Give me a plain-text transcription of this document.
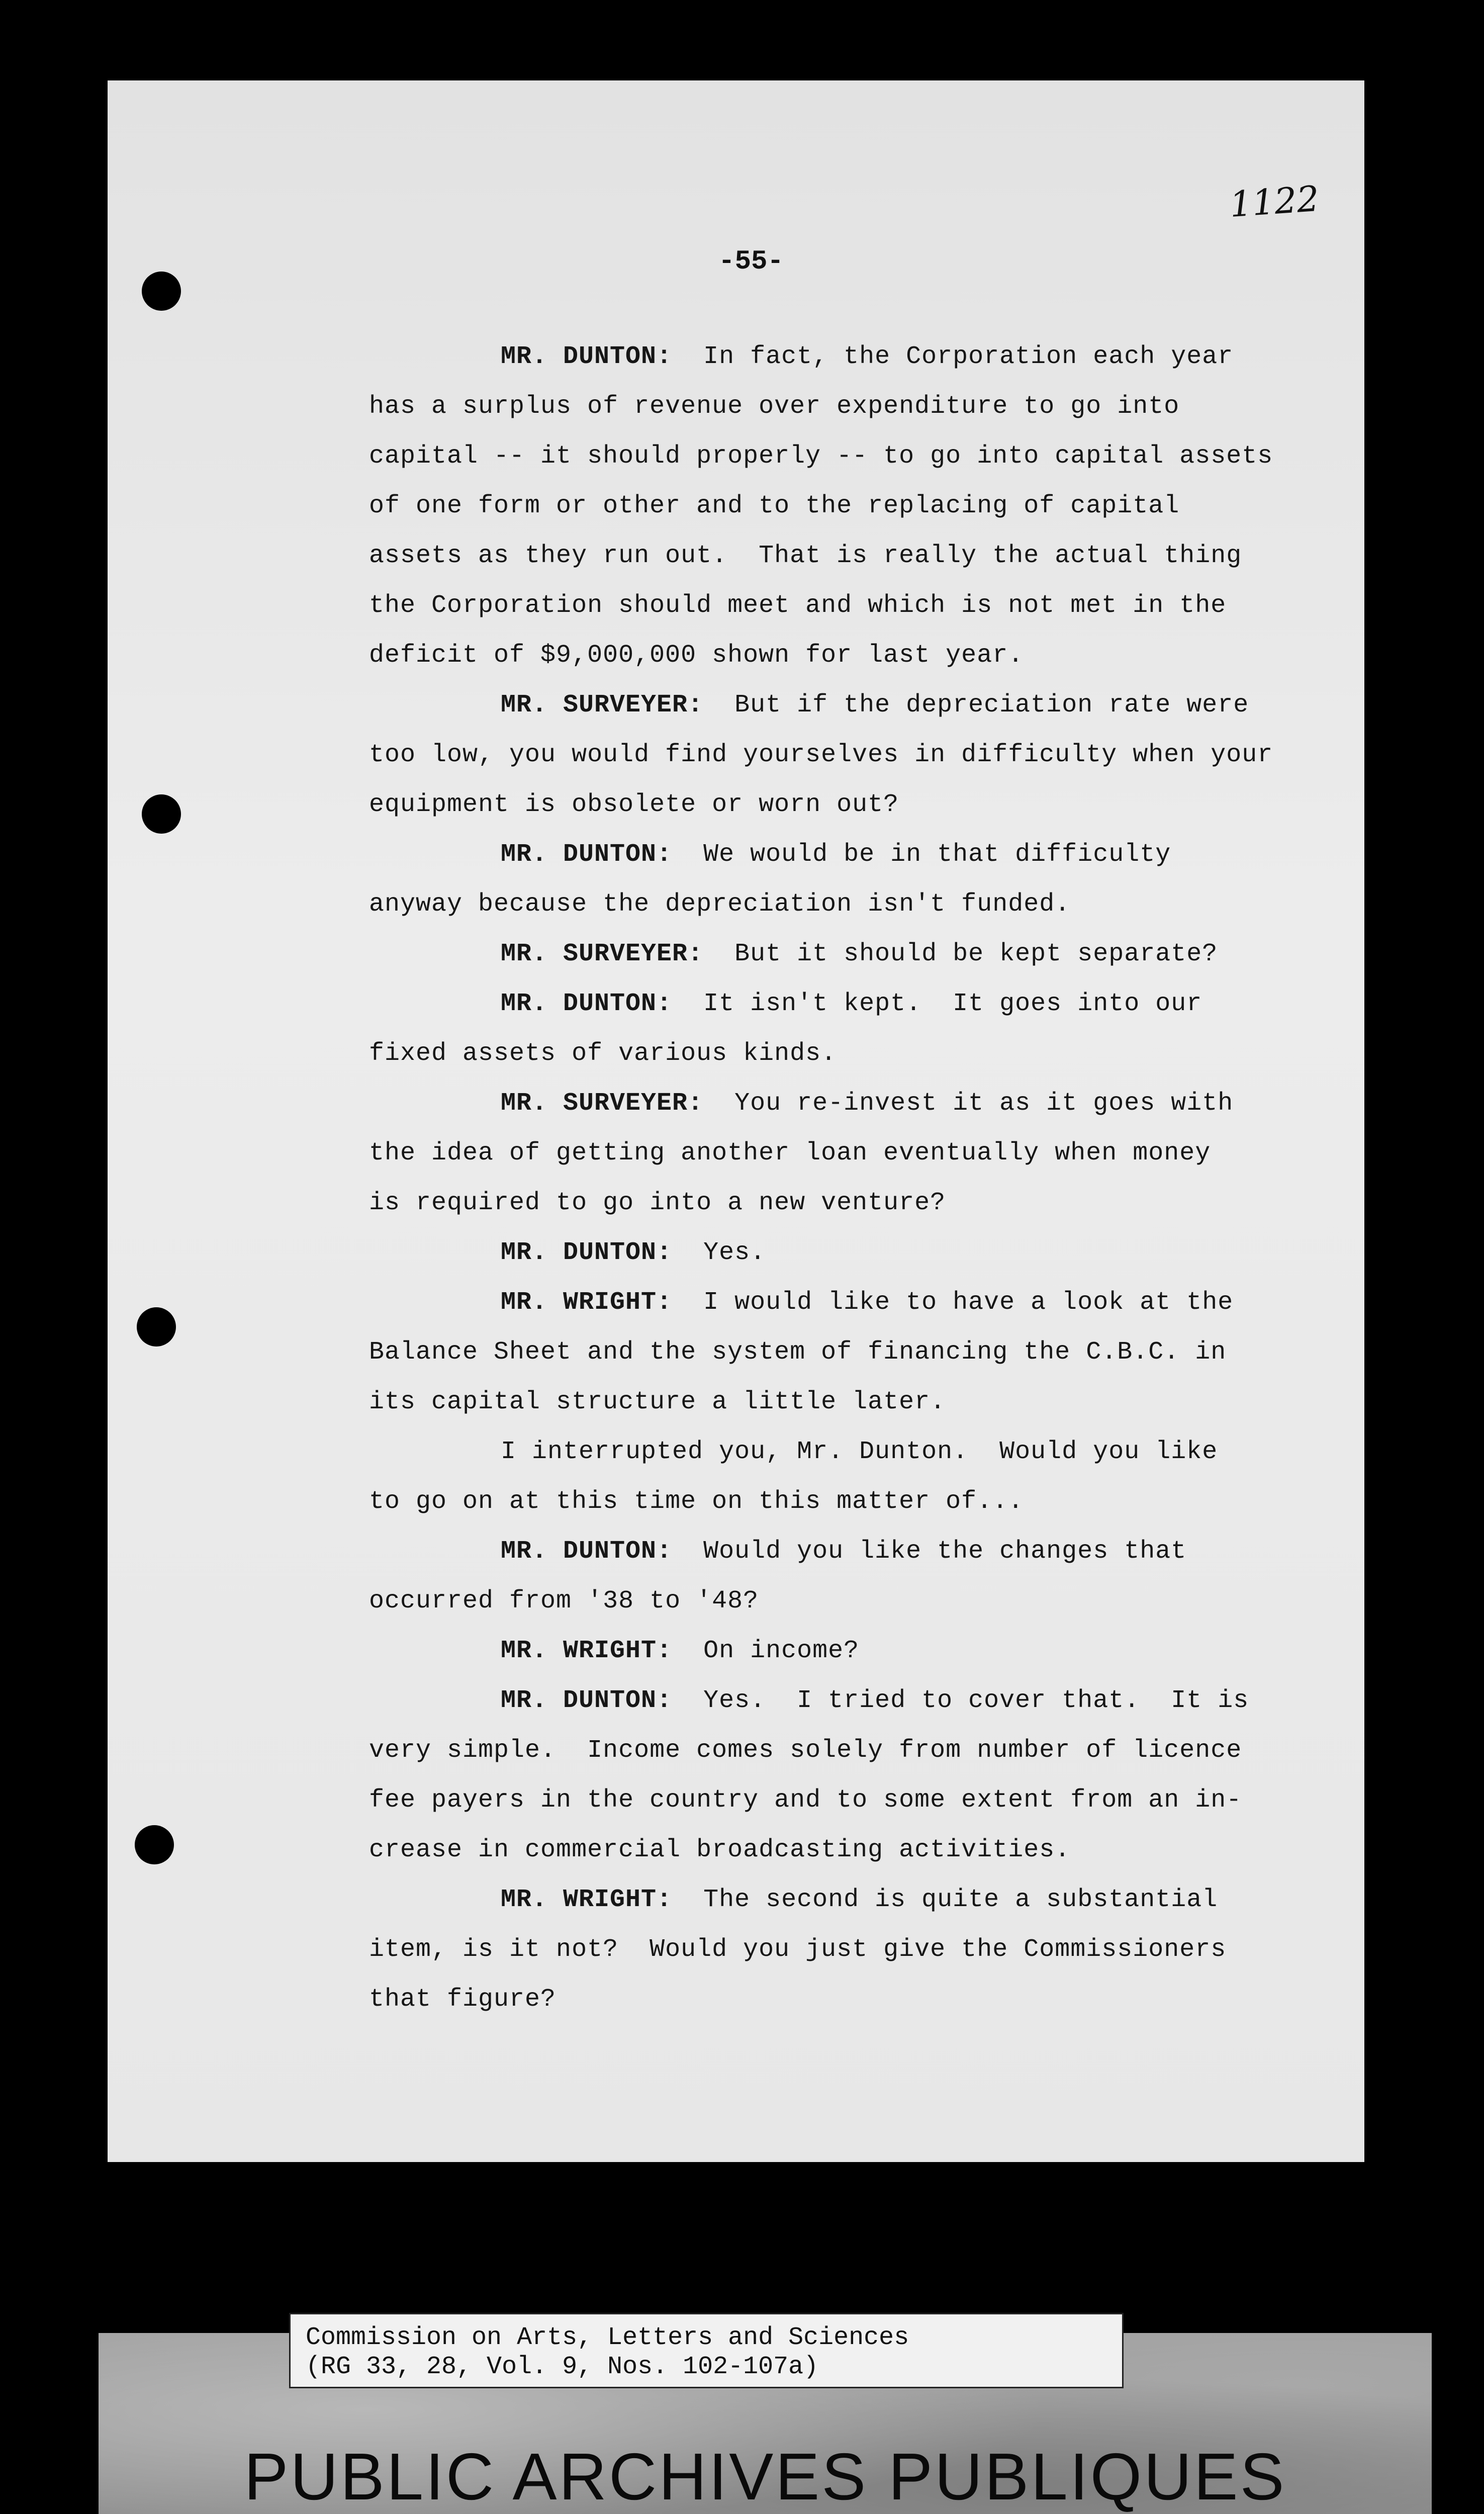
1122
-55-
MR. DUNTON:  In fact, the Corporation each year
has a surplus of revenue over expenditure to go into
capital -- it should properly -- to go into capital assets
of one form or other and to the replacing of capital
assets as they run out.  That is really the actual thing
the Corporation should meet and which is not met in the
deficit of $9,000,000 shown for last year.
MR. SURVEYER:  But if the depreciation rate were
too low, you would find yourselves in difficulty when your
equipment is obsolete or worn out?
MR. DUNTON:  We would be in that difficulty
anyway because the depreciation isn't funded.
MR. SURVEYER:  But it should be kept separate?
MR. DUNTON:  It isn't kept.  It goes into our
fixed assets of various kinds.
MR. SURVEYER:  You re-invest it as it goes with
the idea of getting another loan eventually when money
is required to go into a new venture?
MR. DUNTON:  Yes.
MR. WRIGHT:  I would like to have a look at the
Balance Sheet and the system of financing the C.B.C. in
its capital structure a little later.
I interrupted you, Mr. Dunton.  Would you like
to go on at this time on this matter of...
MR. DUNTON:  Would you like the changes that
occurred from '38 to '48?
MR. WRIGHT:  On income?
MR. DUNTON:  Yes.  I tried to cover that.  It is
very simple.  Income comes solely from number of licence
fee payers in the country and to some extent from an in-
crease in commercial broadcasting activities.
MR. WRIGHT:  The second is quite a substantial
item, is it not?  Would you just give the Commissioners
that figure?
Commission on Arts, Letters and Sciences
(RG 33, 28, Vol. 9, Nos. 102-107a)
PUBLIC ARCHIVES PUBLIQUES
